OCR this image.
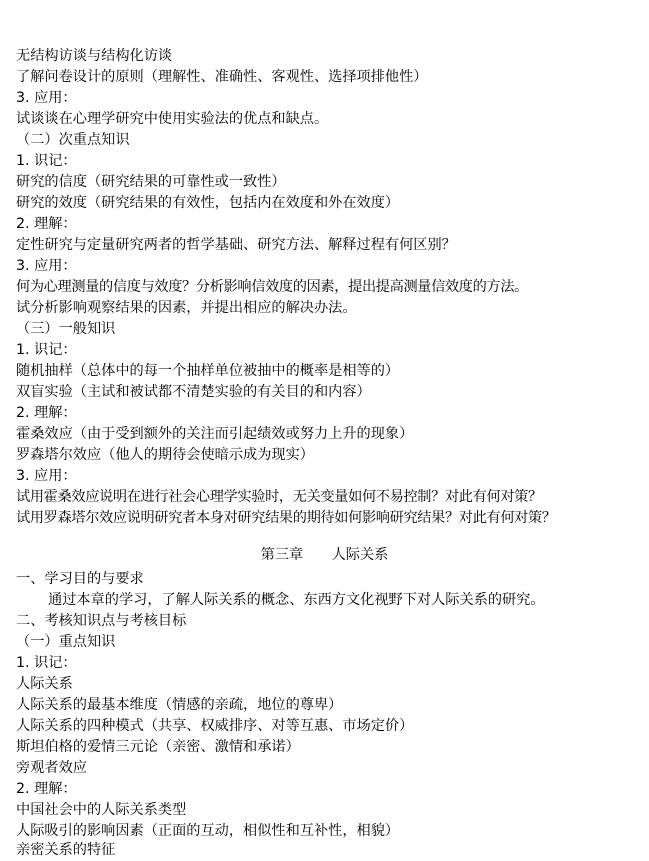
无结构访谈与结构化访谈
了解问卷设计的原则（理解性、准确性、客观性、选择项排他性）
3. 应用：
试谈谈在心理学研究中使用实验法的优点和缺点。
（二）次重点知识
1. 识记：
研究的信度（研究结果的可靠性或一致性）
研究的效度（研究结果的有效性，包括内在效度和外在效度）
2. 理解：
定性研究与定量研究两者的哲学基础、研究方法、解释过程有何区别？
3. 应用：
何为心理测量的信度与效度？分析影响信效度的因素，提出提高测量信效度的方法。
试分析影响观察结果的因素，并提出相应的解决办法。
（三）一般知识
1. 识记：
随机抽样（总体中的每一个抽样单位被抽中的概率是相等的）
双盲实验（主试和被试都不清楚实验的有关目的和内容）
2. 理解：
霍桑效应（由于受到额外的关注而引起绩效或努力上升的现象）
罗森塔尔效应（他人的期待会使暗示成为现实）
3. 应用：
试用霍桑效应说明在进行社会心理学实验时，无关变量如何不易控制？对此有何对策？
试用罗森塔尔效应说明研究者本身对研究结果的期待如何影响研究结果？对此有何对策？
第三章　　人际关系
一、学习目的与要求
通过本章的学习，了解人际关系的概念、东西方文化视野下对人际关系的研究。
二、考核知识点与考核目标
（一）重点知识
1. 识记：
人际关系
人际关系的最基本维度（情感的亲疏，地位的尊卑）
人际关系的四种模式（共享、权威排序、对等互惠、市场定价）
斯坦伯格的爱情三元论（亲密、激情和承诺）
旁观者效应
2. 理解：
中国社会中的人际关系类型
人际吸引的影响因素（正面的互动，相似性和互补性，相貌）
亲密关系的特征
